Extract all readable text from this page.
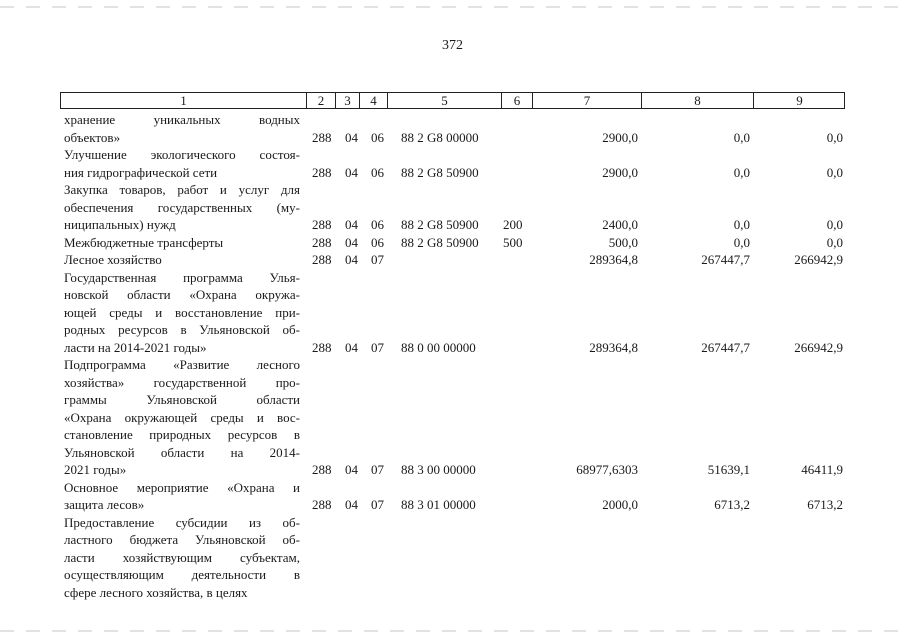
372
1	2	3	4	5	6	7	8	9
хранение уникальных водных
объектов»	288 04 06 88 2 G8 00000	2900,0	0,0	0,0
Улучшение экологического состоя-
ния гидрографической сети	288 04 06 88 2 G8 50900	2900,0	0,0	0,0
Закупка товаров, работ и услуг для
обеспечения государственных (му-
ниципальных) нужд	288 04 06 88 2 G8 50900 200	2400,0	0,0	0,0
Межбюджетные трансферты	288 04 06 88 2 G8 50900 500	500,0	0,0	0,0
Лесное хозяйство	288 04 07	289364,8	267447,7	266942,9
Государственная программа Улья-
новской области «Охрана окружа-
ющей среды и восстановление при-
родных ресурсов в Ульяновской об-
ласти на 2014-2021 годы»	288 04 07 88 0 00 00000	289364,8	267447,7	266942,9
Подпрограмма «Развитие лесного
хозяйства» государственной про-
граммы Ульяновской области
«Охрана окружающей среды и вос-
становление природных ресурсов в
Ульяновской области на 2014-
2021 годы»	288 04 07 88 3 00 00000	68977,6303	51639,1	46411,9
Основное мероприятие «Охрана и
защита лесов»	288 04 07 88 3 01 00000	2000,0	6713,2	6713,2
Предоставление субсидии из об-
ластного бюджета Ульяновской об-
ласти хозяйствующим субъектам,
осуществляющим деятельности в
сфере лесного хозяйства, в целях
